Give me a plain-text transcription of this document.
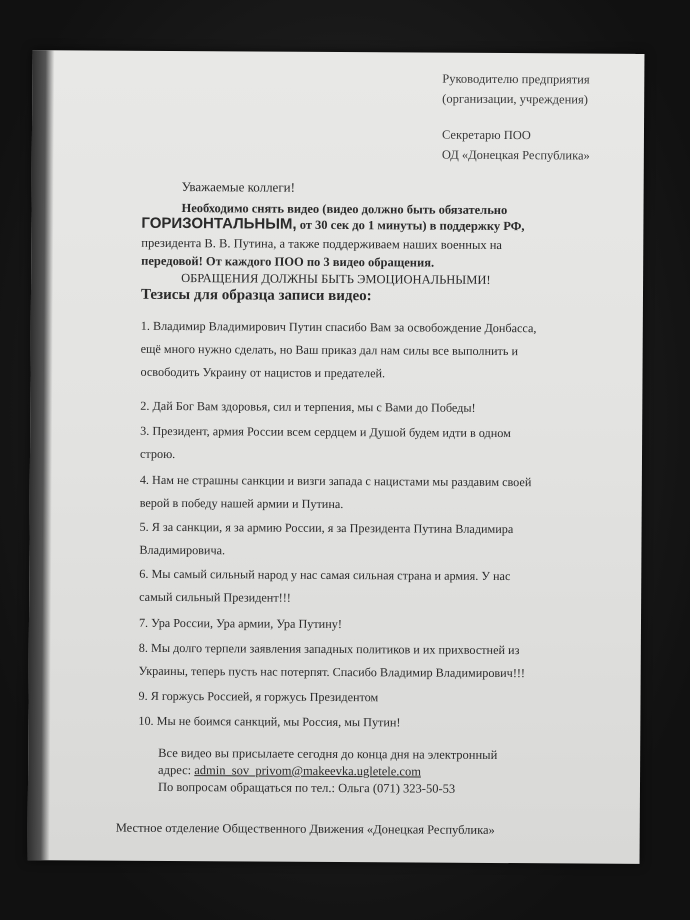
Руководителю предприятия
(организации, учреждения)
Секретарю ПОО
ОД «Донецкая Республика»
Уважаемые коллеги!
Необходимо снять видео (видео должно быть обязательно
ГОРИЗОНТАЛЬНЫМ, от 30 сек до 1 минуты) в поддержку РФ,
президента В. В. Путина, а также поддерживаем наших военных на
передовой! От каждого ПОО по 3 видео обращения.
ОБРАЩЕНИЯ ДОЛЖНЫ БЫТЬ ЭМОЦИОНАЛЬНЫМИ!
Тезисы для образца записи видео:
1. Владимир Владимирович Путин спасибо Вам за освобождение Донбасса,
ещё много нужно сделать, но Ваш приказ дал нам силы все выполнить и
освободить Украину от нацистов и предателей.
2. Дай Бог Вам здоровья, сил и терпения, мы с Вами до Победы!
3. Президент, армия России всем сердцем и Душой будем идти в одном
строю.
4. Нам не страшны санкции и визги запада с нацистами мы раздавим своей
верой в победу нашей армии и Путина.
5. Я за санкции, я за армию России, я за Президента Путина Владимира
Владимировича.
6. Мы самый сильный народ у нас самая сильная страна и армия. У нас
самый сильный Президент!!!
7. Ура России, Ура армии, Ура Путину!
8. Мы долго терпели заявления западных политиков и их прихвостней из
Украины, теперь пусть нас потерпят. Спасибо Владимир Владимирович!!!
9. Я горжусь Россией, я горжусь Президентом
10. Мы не боимся санкций, мы Россия, мы Путин!
Все видео вы присылаете сегодня до конца дня на электронный
адрес: admin_sov_privom@makeevka.ugletele.com
По вопросам обращаться по тел.: Ольга (071) 323-50-53
Местное отделение Общественного Движения «Донецкая Республика»
